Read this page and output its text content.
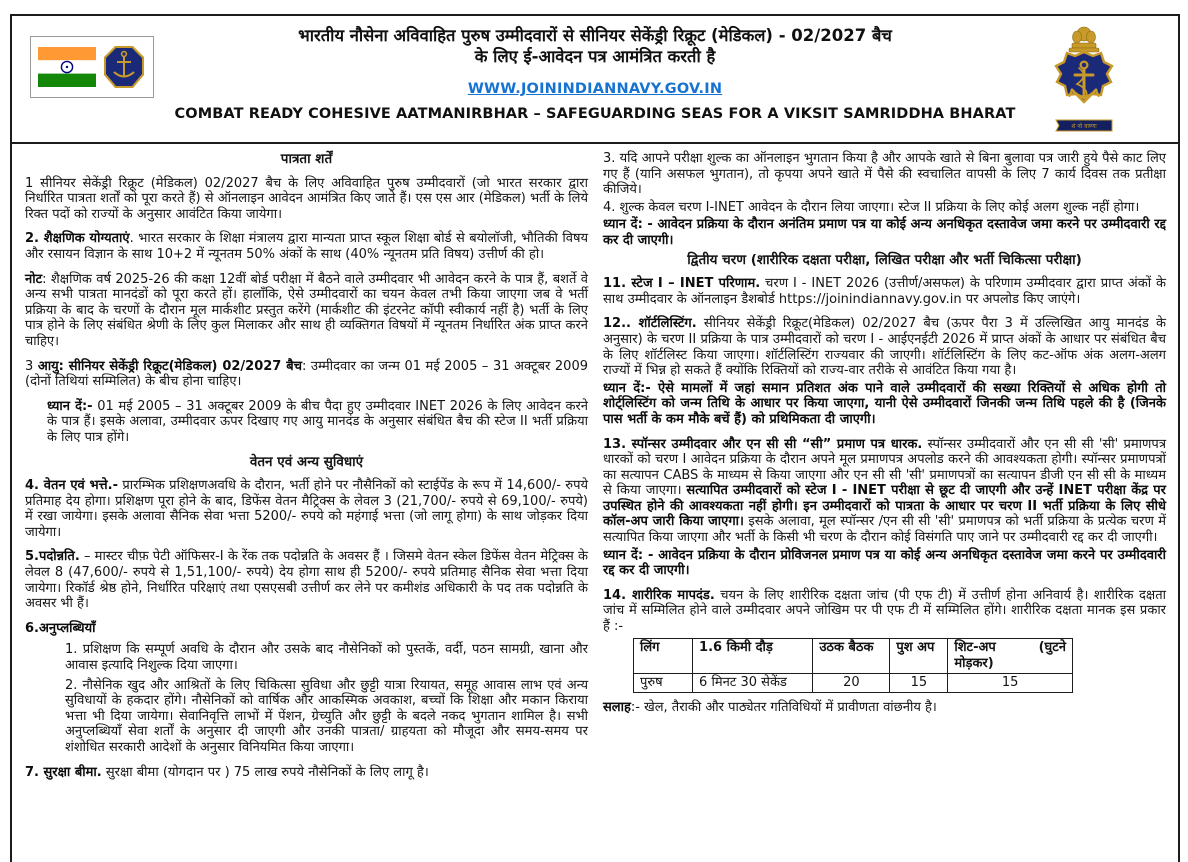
भारतीय नौसेना अविवाहित पुरुष उम्मीदवारों से सीनियर सेकेंड्री रिक्रूट (मेडिकल) - 02/2027 बैच
के लिए ई-आवेदन पत्र आमंत्रित करती है
WWW.JOININDIANNAVY.GOV.IN
COMBAT READY COHESIVE AATMANIRBHAR – SAFEGUARDING SEAS FOR A VIKSIT SAMRIDDHA BHARAT
शं नो वरुणः
पात्रता शर्तें

1 सीनियर सेकेंड्री रिक्रूट (मेडिकल) 02/2027 बैच के लिए अविवाहित पुरुष उम्मीदवारों (जो भारत सरकार द्वारा निर्धारित पात्रता शर्तों को पूरा करते हैं) से ऑनलाइन आवेदन आमंत्रित किए जाते हैं। एस एस आर (मेडिकल) भर्ती के लिये रिक्त पदों को राज्यों के अनुसार आवंटित किया जायेगा।

2. शैक्षणिक योग्यताएं. भारत सरकार के शिक्षा मंत्रालय द्वारा मान्यता प्राप्त स्कूल शिक्षा बोर्ड से बयोलॉजी, भौतिकी विषय और रसायन विज्ञान के साथ 10+2 में न्यूनतम 50% अंकों के साथ (40% न्यूनतम प्रति विषय) उत्तीर्ण की हो।

नोट: शैक्षणिक वर्ष 2025-26 की कक्षा 12वीं बोर्ड परीक्षा में बैठने वाले उम्मीदवार भी आवेदन करने के पात्र हैं, बशर्ते वे अन्य सभी पात्रता मानदंडों को पूरा करते हों। हालाँकि, ऐसे उम्मीदवारों का चयन केवल तभी किया जाएगा जब वे भर्ती प्रक्रिया के बाद के चरणों के दौरान मूल मार्कशीट प्रस्तुत करेंगे (मार्कशीट की इंटरनेट कॉपी स्वीकार्य नहीं है) भर्ती के लिए पात्र होने के लिए संबंधित श्रेणी के लिए कुल मिलाकर और साथ ही व्यक्तिगत विषयों में न्यूनतम निर्धारित अंक प्राप्त करने चाहिए।

3 आयु: सीनियर सेकेंड्री रिक्रूट(मेडिकल) 02/2027 बैच: उम्मीदवार का जन्म 01 मई 2005 – 31 अक्टूबर 2009 (दोनों तिथियां सम्मिलित) के बीच होना चाहिए।

ध्यान दें:- 01 मई 2005 – 31 अक्टूबर 2009 के बीच पैदा हुए उम्मीदवार INET 2026 के लिए आवेदन करने के पात्र हैं। इसके अलावा, उम्मीदवार ऊपर दिखाए गए आयु मानदंड के अनुसार संबंधित बैच की स्टेज II भर्ती प्रक्रिया के लिए पात्र होंगे।

वेतन एवं अन्य सुविधाएं

4. वेतन एवं भत्ते.- प्रारम्भिक प्रशिक्षणअवधि के दौरान, भर्ती होने पर नौसैनिकों को स्टाईपेंड के रूप में 14,600/- रुपये प्रतिमाह देय होगा। प्रशिक्षण पूरा होने के बाद, डिफेंस वेतन मैट्रिक्स के लेवल 3 (21,700/- रुपये से 69,100/- रुपये) में रखा जायेगा। इसके अलावा सैनिक सेवा भत्ता 5200/- रुपये को महंगाई भत्ता (जो लागू होगा) के साथ जोड़कर दिया जायेगा।

5.पदोन्नति. – मास्टर चीफ़ पेटी ऑफिसर-I के रेंक तक पदोन्नति के अवसर हैं । जिसमे वेतन स्केल डिफेंस वेतन मेट्रिक्स के लेवल 8 (47,600/- रुपये से 1,51,100/- रुपये) देय होगा साथ ही 5200/- रुपये प्रतिमाह सैनिक सेवा भत्ता दिया जायेगा। रिकॉर्ड श्रेष्ठ होने, निर्धारित परिक्षाएं तथा एसएसबी उत्तीर्ण कर लेने पर कमीशंड अधिकारी के पद तक पदोन्नति के अवसर भी हैं।

6.अनुप्लब्धियाँ

1. प्रशिक्षण कि सम्पूर्ण अवधि के दौरान और उसके बाद नौसेनिकों को पुस्तकें, वर्दी, पठन सामग्री, खाना और आवास इत्यादि निशुल्क दिया जाएगा।

2. नौसेनिक खुद और आश्रितों के लिए चिकित्सा सुविधा और छुट्टी यात्रा रियायत, समूह आवास लाभ एवं अन्य सुविधायों के हकदार होंगे। नौसेनिकों को वार्षिक और आकस्मिक अवकाश, बच्चों कि शिक्षा और मकान किराया भत्ता भी दिया जायेगा। सेवानिवृत्ति लाभों में पेंशन, ग्रेच्युति और छुट्टी के बदले नकद भुगतान शामिल है। सभी अनुप्लब्धियाँ सेवा शर्तों के अनुसार दी जाएगी और उनकी पात्रता/ ग्राहयता को मौजूदा और समय-समय पर शंशोधित सरकारी आदेशों के अनुसार विनियमित किया जाएगा।

7. सुरक्षा बीमा. सुरक्षा बीमा (योगदान पर ) 75 लाख रुपये नौसेनिकों के लिए लागू है।

3. यदि आपने परीक्षा शुल्क का ऑनलाइन भुगतान किया है और आपके खाते से बिना बुलावा पत्र जारी हुये पैसे काट लिए गए हैं (यानि असफल भुगतान), तो कृपया अपने खाते में पैसे की स्वचालित वापसी के लिए 7 कार्य दिवस तक प्रतीक्षा कीजिये।

4. शुल्क केवल चरण I-INET आवेदन के दौरान लिया जाएगा। स्टेज II प्रक्रिया के लिए कोई अलग शुल्क नहीं होगा।

ध्यान दें: - आवेदन प्रक्रिया के दौरान अनंतिम प्रमाण पत्र या कोई अन्य अनधिकृत दस्तावेज जमा करने पर उम्मीदवारी रद्द कर दी जाएगी।

द्वितीय चरण (शारीरिक दक्षता परीक्षा, लिखित परीक्षा और भर्ती चिकित्सा परीक्षा)

11. स्टेज I – INET परिणाम. चरण I - INET 2026 (उत्तीर्ण/असफल) के परिणाम उम्मीदवार द्वारा प्राप्त अंकों के साथ उम्मीदवार के ऑनलाइन डैशबोर्ड https://joinindiannavy.gov.in पर अपलोड किए जाएंगे।

12.. शॉर्टलिस्टिंग. सीनियर सेकेंड्री रिक्रूट(मेडिकल) 02/2027 बैच (ऊपर पैरा 3 में उल्लिखित आयु मानदंड के अनुसार) के चरण II प्रक्रिया के पात्र उम्मीदवारों को चरण I - आईएनईटी 2026 में प्राप्त अंकों के आधार पर संबंधित बैच के लिए शॉर्टलिस्ट किया जाएगा। शॉर्टलिस्टिंग राज्यवार की जाएगी। शॉर्टलिस्टिंग के लिए कट-ऑफ अंक अलग-अलग राज्यों में भिन्न हो सकते हैं क्योंकि रिक्तियों को राज्य-वार तरीके से आवंटित किया गया है।

ध्यान दें:- ऐसे मामलों में जहां समान प्रतिशत अंक पाने वाले उम्मीदवारों की सख्या रिक्तियों से अधिक होगी तो शोर्ट्लिस्टिंग को जन्म तिथि के आधार पर किया जाएगा, यानी ऐसे उम्मीदवारों जिनकी जन्म तिथि पहले की है (जिनके पास भर्ती के कम मौके बचें हैं) को प्रथिमिकता दी जाएगी।

13. स्पॉन्सर उम्मीदवार और एन सी सी “सी” प्रमाण पत्र धारक. स्पॉन्सर उम्मीदवारों और एन सी सी 'सी' प्रमाणपत्र धारकों को चरण I आवेदन प्रक्रिया के दौरान अपने मूल प्रमाणपत्र अपलोड करने की आवश्यकता होगी। स्पॉन्सर प्रमाणपत्रों का सत्यापन CABS के माध्यम से किया जाएगा और एन सी सी 'सी' प्रमाणपत्रों का सत्यापन डीजी एन सी सी के माध्यम से किया जाएगा। सत्यापित उम्मीदवारों को स्टेज I - INET परीक्षा से छूट दी जाएगी और उन्हें INET परीक्षा केंद्र पर उपस्थित होने की आवश्यकता नहीं होगी। इन उम्मीदवारों को पात्रता के आधार पर चरण II भर्ती प्रक्रिया के लिए सीधे कॉल-अप जारी किया जाएगा। इसके अलावा, मूल स्पॉन्सर /एन सी सी 'सी' प्रमाणपत्र को भर्ती प्रक्रिया के प्रत्येक चरण में सत्यापित किया जाएगा और भर्ती के किसी भी चरण के दौरान कोई विसंगति पाए जाने पर उम्मीदवारी रद्द कर दी जाएगी।

ध्यान दें: - आवेदन प्रक्रिया के दौरान प्रोविजनल प्रमाण पत्र या कोई अन्य अनधिकृत दस्तावेज जमा करने पर उम्मीदवारी रद्द कर दी जाएगी।

14. शारीरिक मापदंड. चयन के लिए शारीरिक दक्षता जांच (पी एफ टी) में उत्तीर्ण होना अनिवार्य है। शारीरिक दक्षता जांच में सम्मिलित होने वाले उम्मीदवार अपने जोखिम पर पी एफ टी में सम्मिलित होंगे। शारीरिक दक्षता मानक इस प्रकार हैं :-

लिंग	1.6 किमी दौड़	उठक बैठक	पुश अप	शिट-अप (घुटने मोड़कर)
पुरुष	6 मिनट 30 सेकेंड	20	15	15

सलाह:- खेल, तैराकी और पाठ्येतर गतिविधियों में प्रावीणता वांछनीय है।
